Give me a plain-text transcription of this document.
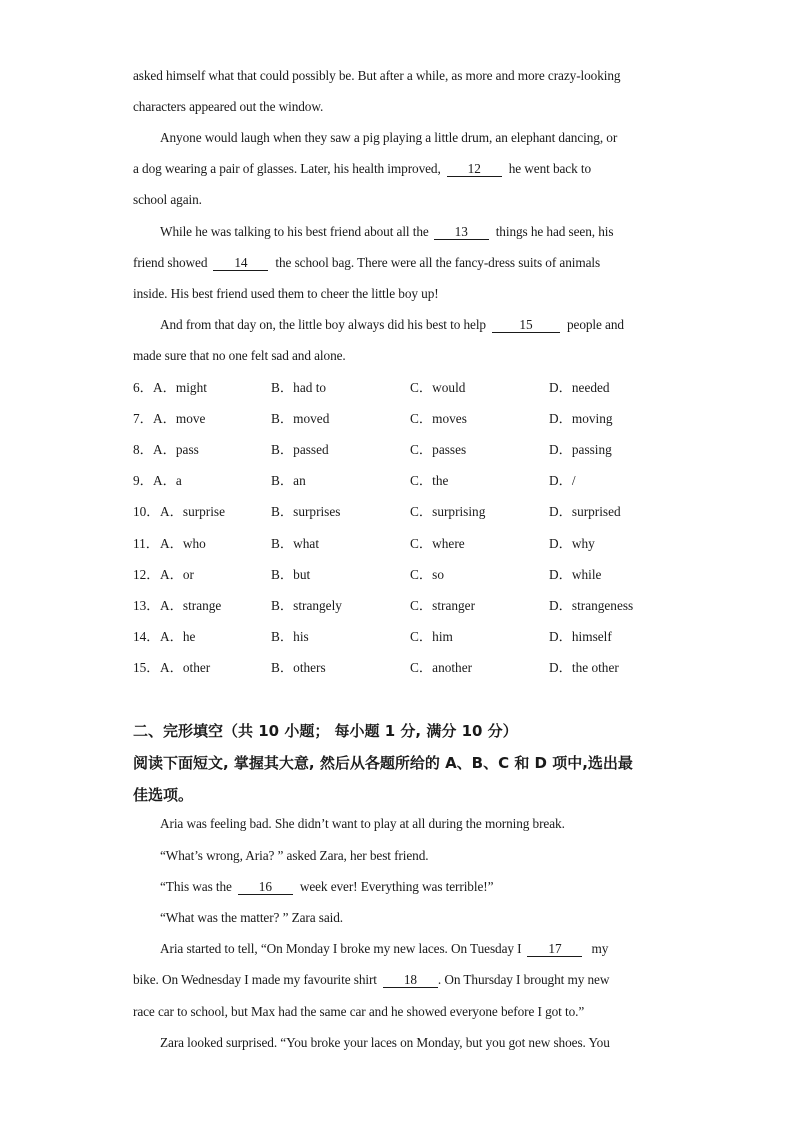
asked himself what that could possibly be. But after a while, as more and more crazy-looking
characters appeared out the window.
Anyone would laugh when they saw a pig playing a little drum, an elephant dancing, or
a dog wearing a pair of glasses. Later, his health improved, 12 he went back to
school again.
While he was talking to his best friend about all the 13 things he had seen, his
friend showed 14 the school bag. There were all the fancy-dress suits of animals
inside. His best friend used them to cheer the little boy up!
And from that day on, the little boy always did his best to help	15	people and
made sure that no one felt sad and alone.
6． A．might	B．had to	C．would	D．needed
7． A．move	B．moved	C．moves	D．moving
8． A．pass	B．passed	C．passes	D．passing
9． A．a	B．an	C．the	D．/
10． A．surprise	B．surprises	C．surprising	D．surprised
11． A．who	B．what	C．where	D．why
12． A．or	B．but	C．so	D．while
13． A．strange	B．strangely	C．stranger	D．strangeness
14． A．he	B．his	C．him	D．himself
15． A．other	B．others	C．another	D．the other
二、完形填空（共 10 小题； 每小题 1 分, 满分 10 分）
阅读下面短文, 掌握其大意, 然后从各题所给的 A、B、C 和 D 项中,选出最
佳选项。
Aria was feeling bad. She didn’t want to play at all during the morning break.
“What’s wrong, Aria? ” asked Zara, her best friend.
“This was the 16 week ever! Everything was terrible!”
“What was the matter? ” Zara said.
Aria started to tell, “On Monday I broke my new laces. On Tuesday I 17 my
bike. On Wednesday I made my favourite shirt 18 . On Thursday I brought my new
race car to school, but Max had the same car and he showed everyone before I got to.”
Zara looked surprised. “You broke your laces on Monday, but you got new shoes. You
